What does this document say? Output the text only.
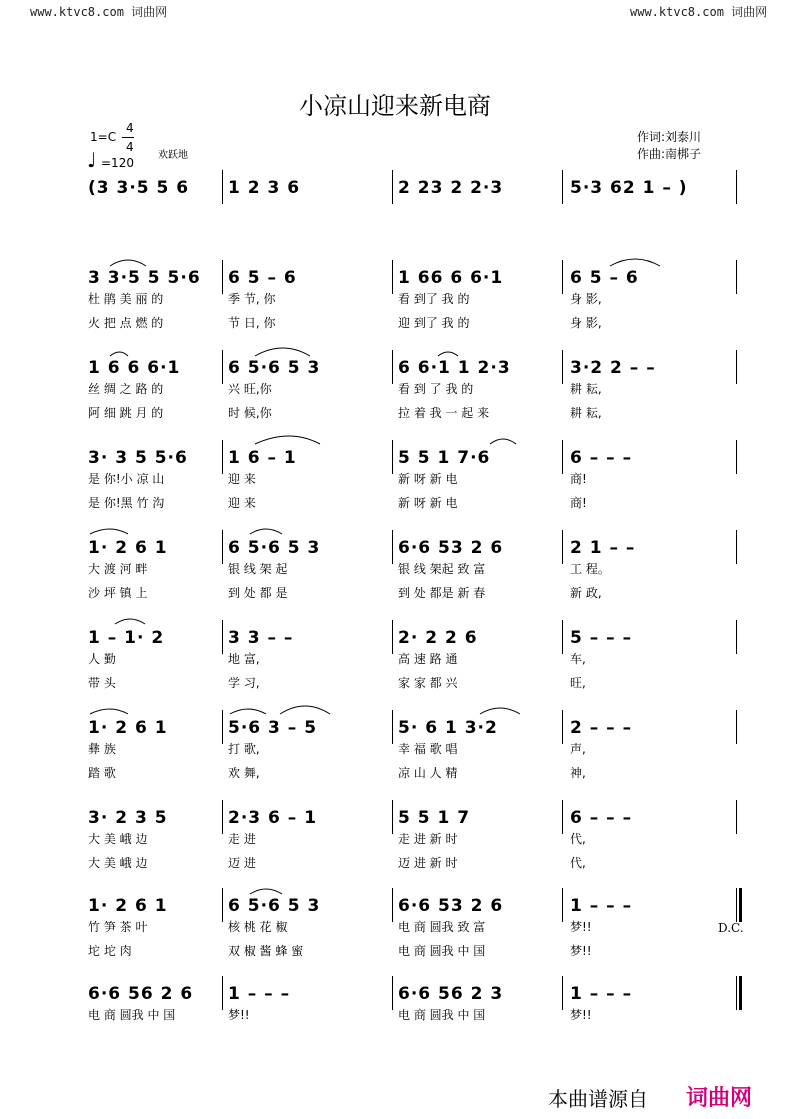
www.ktvc8.com 词曲网	www.ktvc8.com 词曲网
小凉山迎来新电商
1=C
4
4
♩ =120
欢跃地
作词:刘泰川
作曲:南梆子
(3 3·5 5 6 1 2 3 6	2 23 2 2·3	5·3 62 1 – )
3 3·5 5 5·6 6 5 – 6	1 66 6 6·1	6 5 – 6
杜 鹃 美 丽 的	季 节, 你	看 到了 我 的	身 影,
火 把 点 燃 的	节 日, 你	迎 到了 我 的	身 影,
1 6 6 6·1	6 5·6 5 3	6 6·1 1 2·3	3·2 2 – –
丝 绸 之 路 的	兴 旺,你	看 到 了 我 的	耕 耘,
阿 细 跳 月 的	时 候,你	拉 着 我 一 起 来	耕 耘,
3· 3 5 5·6 1 6 – 1	5 5 1 7·6	6 – – –
是 你!小 凉 山	迎 来	新 呀 新 电	商!
是 你!黑 竹 沟	迎 来	新 呀 新 电	商!
1· 2 6 1	6 5·6 5 3	6·6 53 2 6	2 1 – –
大 渡 河 畔	银 线 架 起	银 线 架起 致 富	工 程。
沙 坪 镇 上	到 处 都 是	到 处 都是 新 春	新 政,
1 – 1· 2	3 3 – –	2· 2 2 6	5 – – –
人 勤	地 富,	高 速 路 通	车,
带 头	学 习,	家 家 都 兴	旺,
1· 2 6 1	5·6 3 – 5	5· 6 1 3·2	2 – – –
彝 族	打 歌,	幸 福 歌 唱	声,
踏 歌	欢 舞,	凉 山 人 精	神,
3· 2 3 5	2·3 6 – 1	5 5 1 7	6 – – –
大 美 峨 边	走 进	走 进 新 时	代,
大 美 峨 边	迈 进	迈 进 新 时	代,
1· 2 6 1	6 5·6 5 3	6·6 53 2 6	1 – – –
竹 笋 茶 叶	核 桃 花 椒	电 商 圆我 致 富	梦!!
坨 坨 肉	双 椒 酱 蜂 蜜	电 商 圆我 中 国	梦!!
6·6 56 2 6 1 – – –	6·6 56 2 3	1 – – –
电 商 圆我 中 国	梦!!	电 商 圆我 中 国	梦!!
D.C.
本曲谱源自 词曲网
